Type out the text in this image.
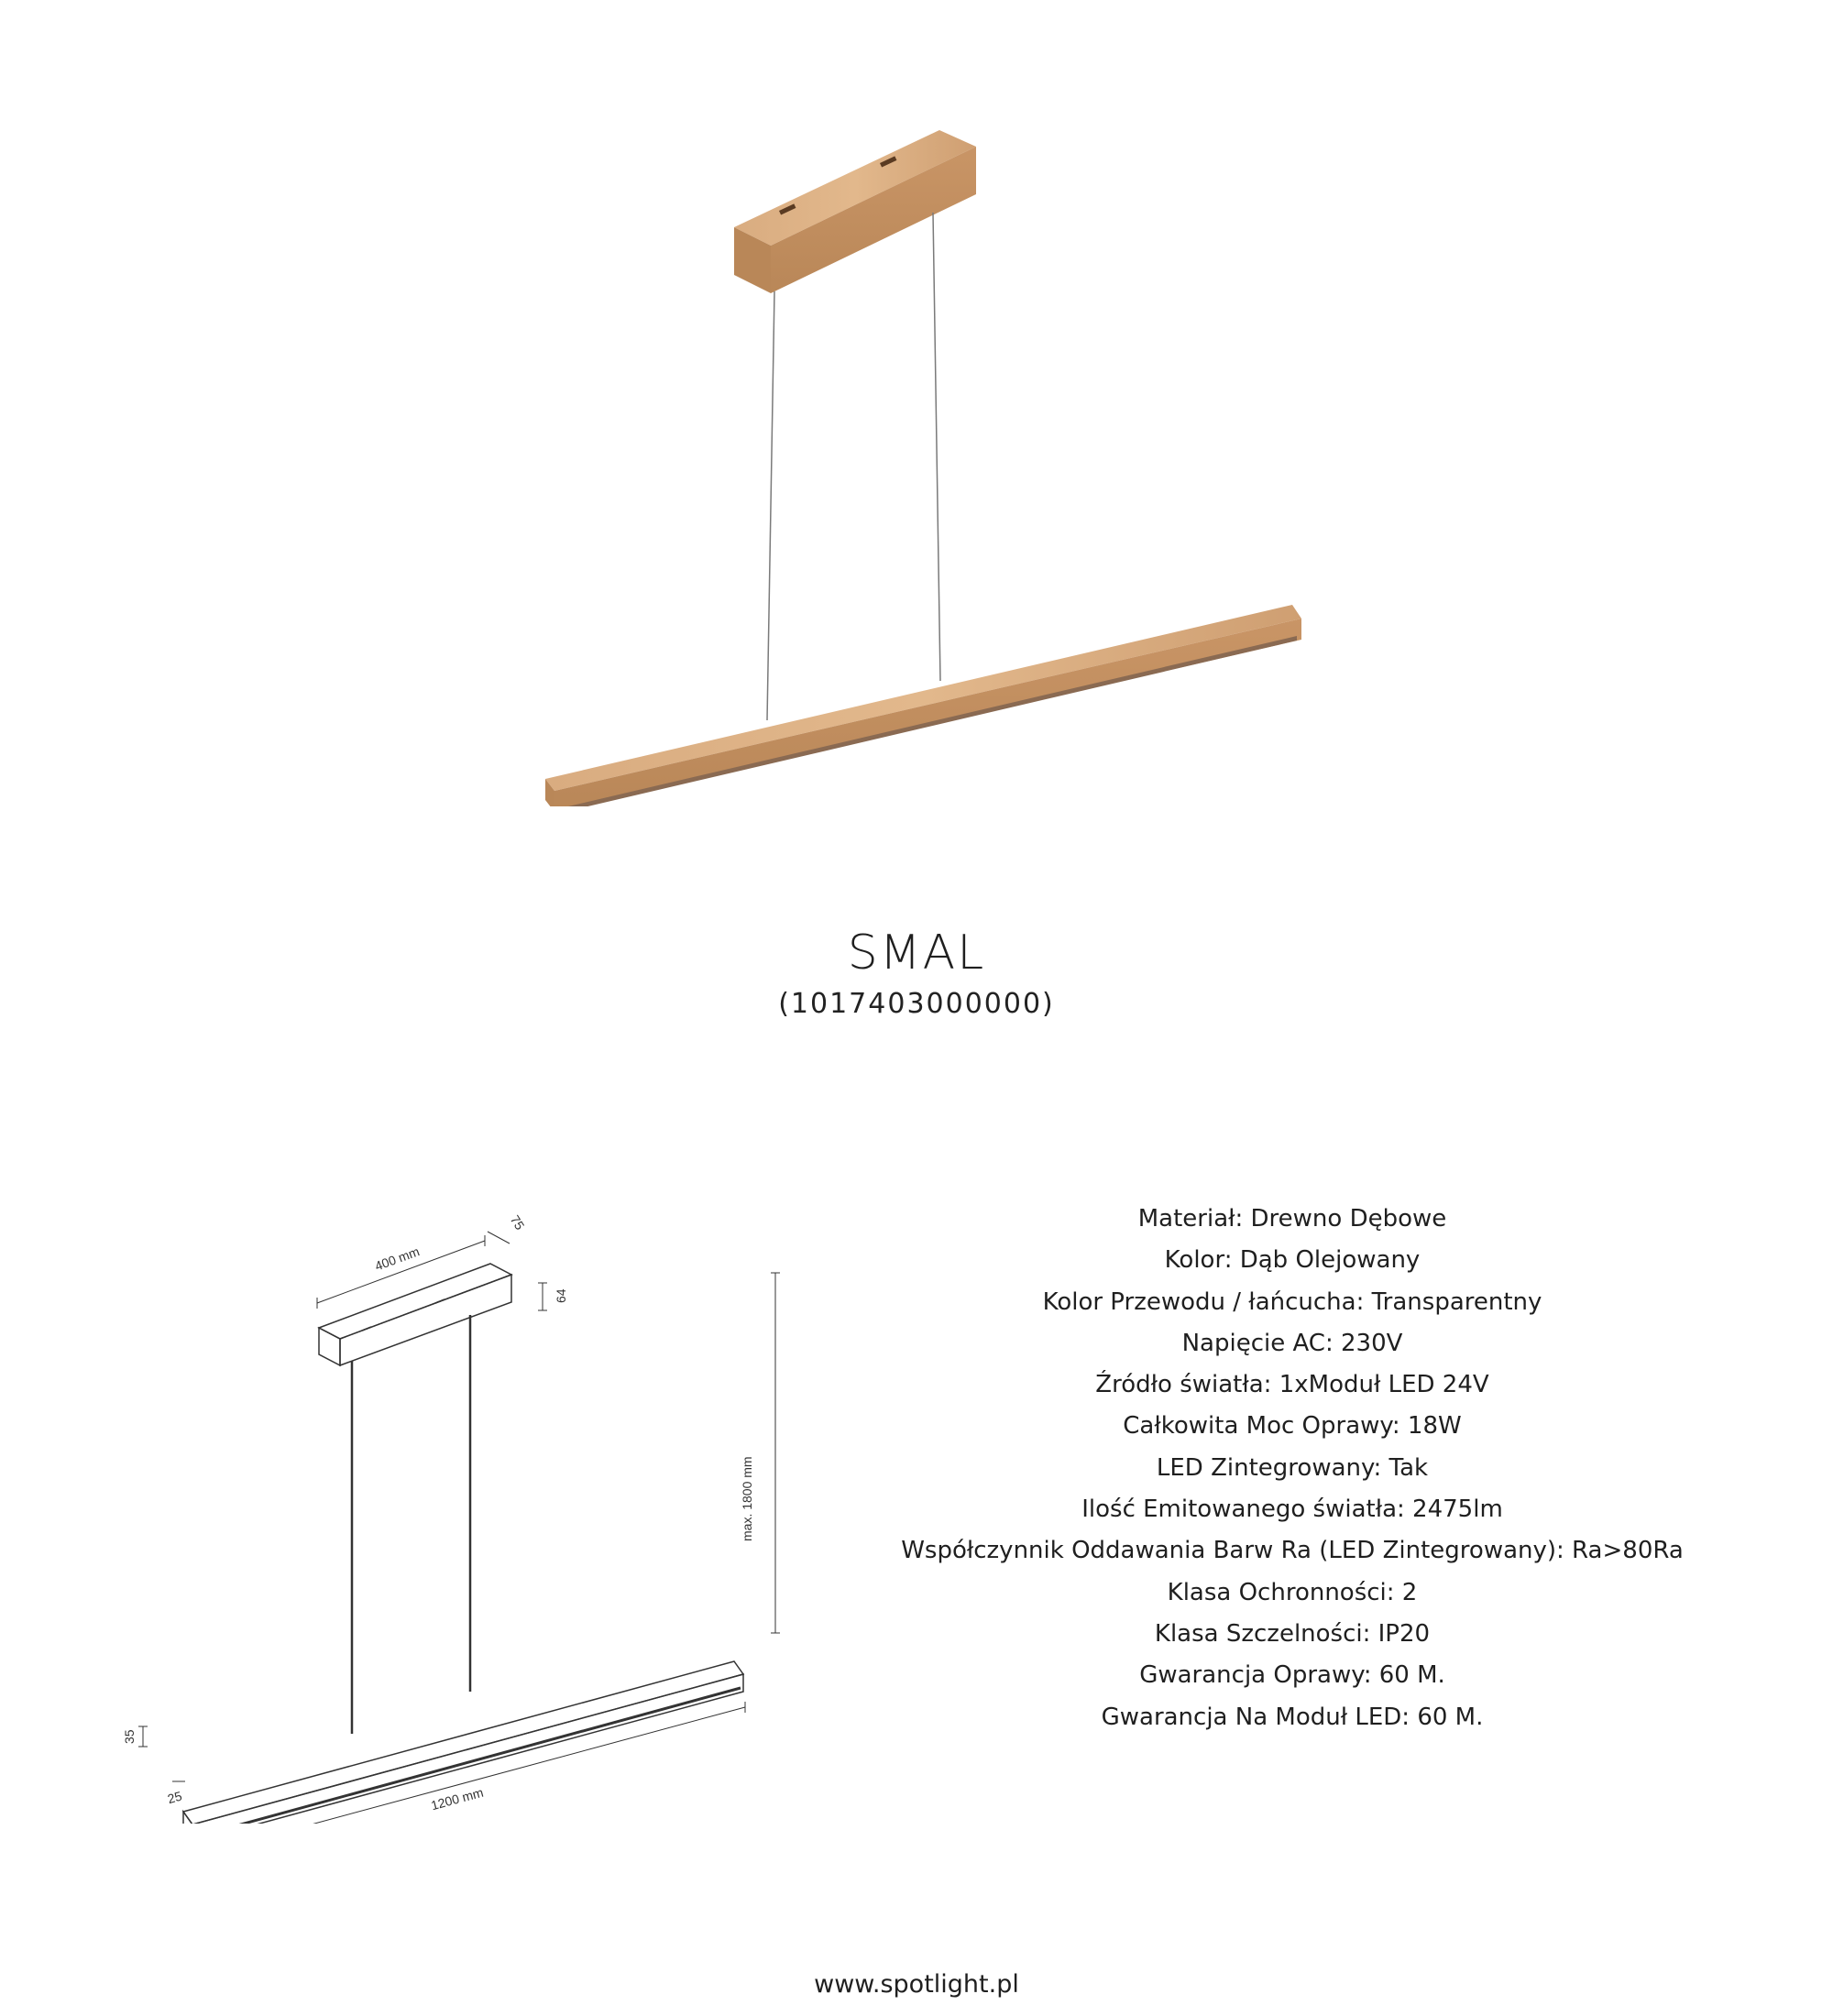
SMAL
(1017403000000)
400 mm
75
64
max. 1800 mm
1200 mm
35
25
Materiał: Drewno Dębowe
Kolor: Dąb Olejowany
Kolor Przewodu / łańcucha: Transparentny
Napięcie AC: 230V
Źródło światła: 1xModuł LED 24V
Całkowita Moc Oprawy: 18W
LED Zintegrowany: Tak
Ilość Emitowanego światła: 2475lm
Współczynnik Oddawania Barw Ra (LED Zintegrowany): Ra>80Ra
Klasa Ochronności: 2
Klasa Szczelności: IP20
Gwarancja Oprawy: 60 M.
Gwarancja Na Moduł LED: 60 M.
www.spotlight.pl
